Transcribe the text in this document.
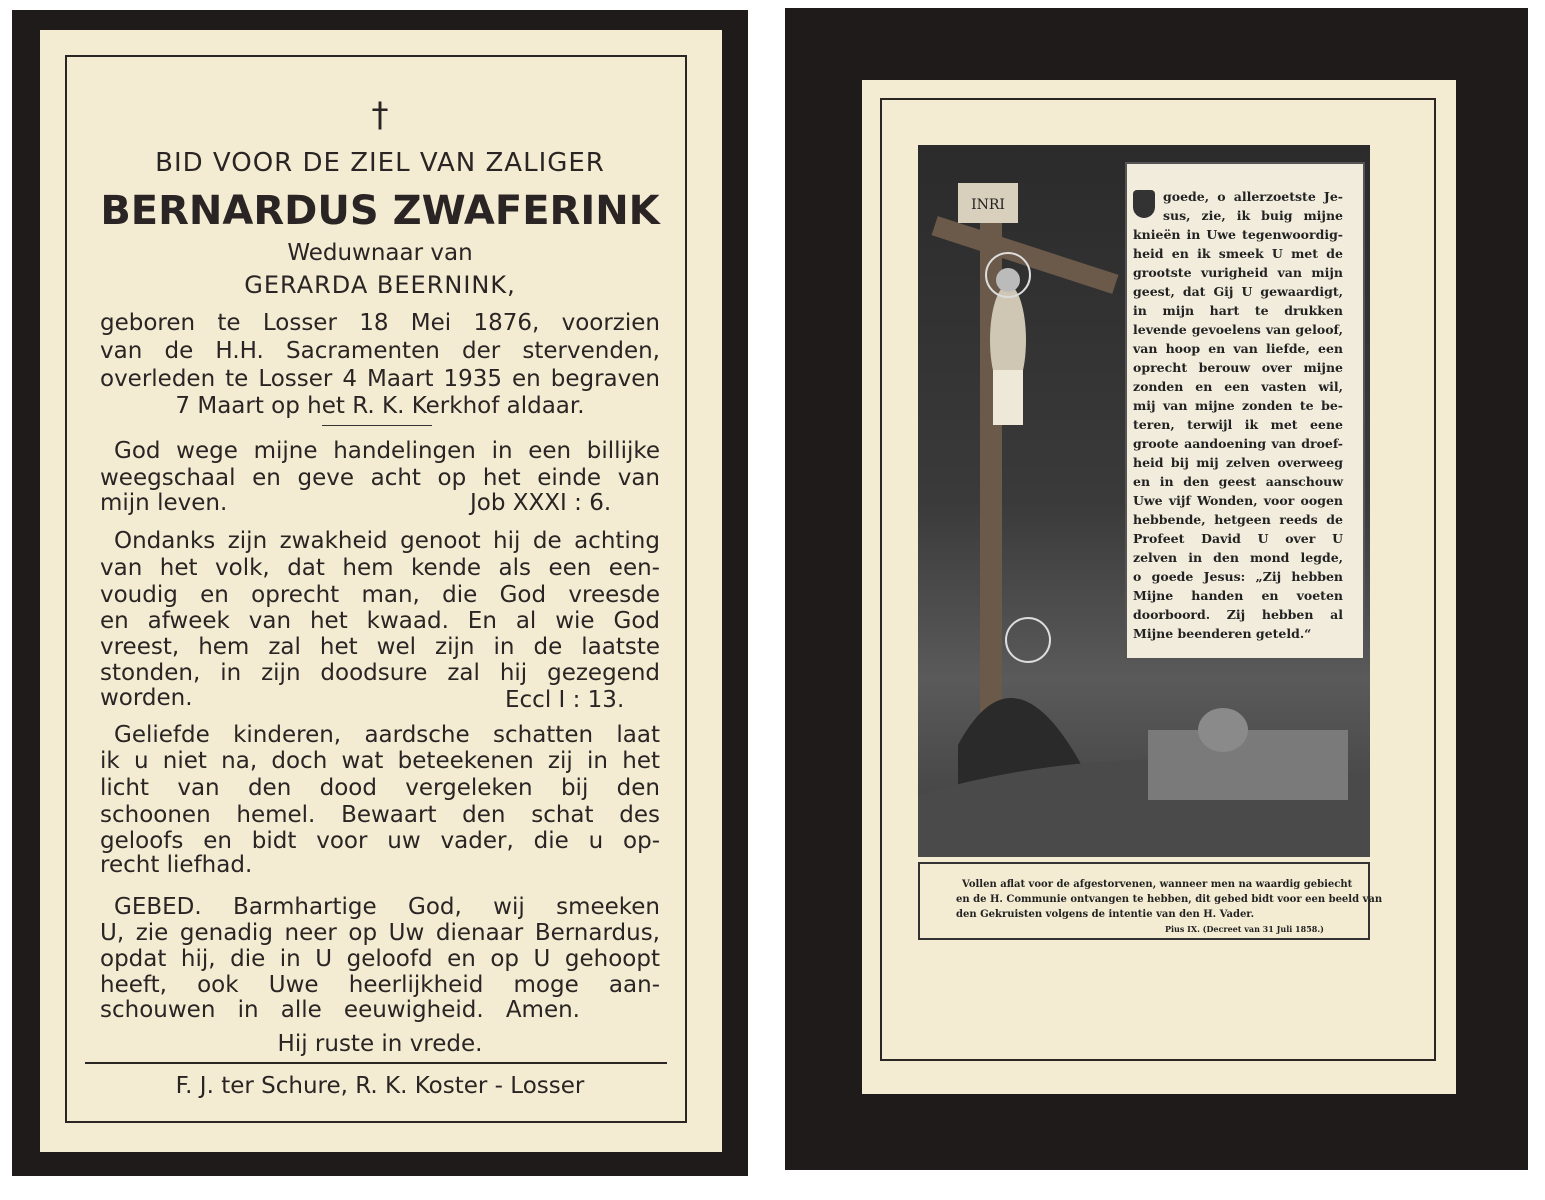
†
BID VOOR DE ZIEL VAN ZALIGER
BERNARDUS ZWAFERINK
Weduwnaar van
GERARDA BEERNINK,
geboren te Losser 18 Mei 1876, voorzien
van de H.H. Sacramenten der stervenden,
overleden te Losser 4 Maart 1935 en begraven
7 Maart op het R. K. Kerkhof aldaar.
God wege mijne handelingen in een billijke
weegschaal en geve acht op het einde van
mijn leven.	Job XXXI : 6.
Ondanks zijn zwakheid genoot hij de achting
van het volk, dat hem kende als een een-
voudig en oprecht man, die God vreesde
en afweek van het kwaad. En al wie God
vreest, hem zal het wel zijn in de laatste
stonden, in zijn doodsure zal hij gezegend
worden.	Eccl I : 13.
Geliefde kinderen, aardsche schatten laat
ik u niet na, doch wat beteekenen zij in het
licht van den dood vergeleken bij den
schoonen hemel. Bewaart den schat des
geloofs en bidt voor uw vader, die u op-
recht liefhad.
GEBED. Barmhartige God, wij smeeken
U, zie genadig neer op Uw dienaar Bernardus,
opdat hij, die in U geloofd en op U gehoopt
heeft, ook Uwe heerlijkheid moge aan-
schouwen in alle eeuwigheid. Amen.
Hij ruste in vrede.
F. J. ter Schure, R. K. Koster - Losser
INRI
goede, o allerzoetste Je-
sus, zie, ik buig mijne
knieën in Uwe tegenwoordig-
heid en ik smeek U met de
grootste vurigheid van mijn
geest, dat Gij U gewaardigt,
in mijn hart te drukken
levende gevoelens van geloof,
van hoop en van liefde, een
oprecht berouw over mijne
zonden en een vasten wil,
mij van mijne zonden te be-
teren, terwijl ik met eene
groote aandoening van droef-
heid bij mij zelven overweeg
en in den geest aanschouw
Uwe vijf Wonden, voor oogen
hebbende, hetgeen reeds de
Profeet David U over U
zelven in den mond legde,
o goede Jesus: „Zij hebben
Mijne handen en voeten
doorboord. Zij hebben al
Mijne beenderen geteld.“
Vollen aflat voor de afgestorvenen, wanneer men na waardig gebiecht
en de H. Communie ontvangen te hebben, dit gebed bidt voor een beeld van
den Gekruisten volgens de intentie van den H. Vader.
Pius IX. (Decreet van 31 Juli 1858.)
